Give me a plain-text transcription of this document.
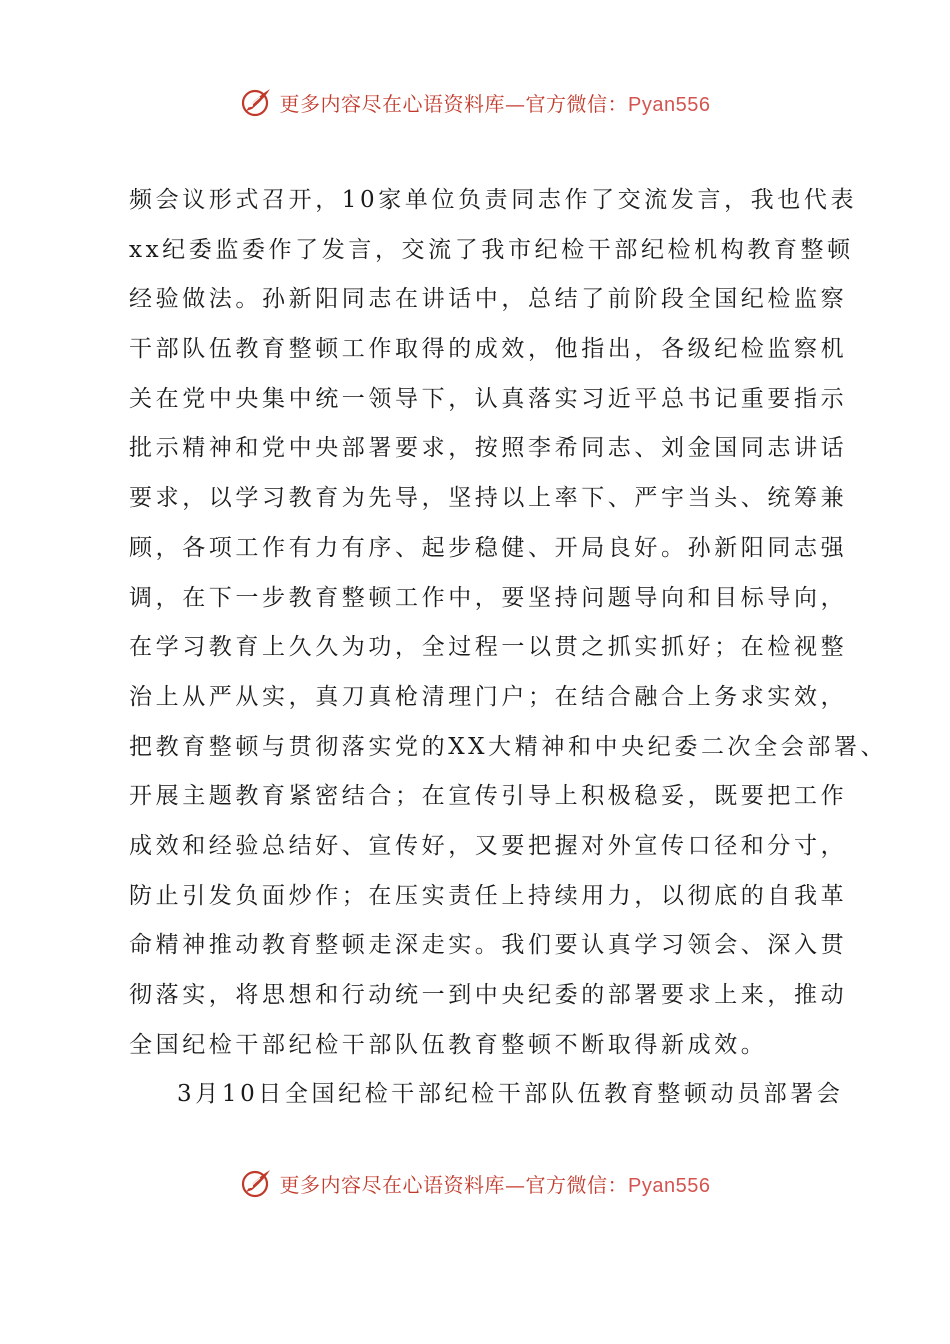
更多内容尽在心语资料库—官方微信：Pyan556
频会议形式召开，10家单位负责同志作了交流发言，我也代表
xx纪委监委作了发言，交流了我市纪检干部纪检机构教育整顿
经验做法。孙新阳同志在讲话中，总结了前阶段全国纪检监察
干部队伍教育整顿工作取得的成效，他指出，各级纪检监察机
关在党中央集中统一领导下，认真落实习近平总书记重要指示
批示精神和党中央部署要求，按照李希同志、刘金国同志讲话
要求，以学习教育为先导，坚持以上率下、严宇当头、统筹兼
顾，各项工作有力有序、起步稳健、开局良好。孙新阳同志强
调，在下一步教育整顿工作中，要坚持问题导向和目标导向，
在学习教育上久久为功，全过程一以贯之抓实抓好；在检视整
治上从严从实，真刀真枪清理门户；在结合融合上务求实效，
把教育整顿与贯彻落实党的XX大精神和中央纪委二次全会部署、
开展主题教育紧密结合；在宣传引导上积极稳妥，既要把工作
成效和经验总结好、宣传好，又要把握对外宣传口径和分寸，
防止引发负面炒作；在压实责任上持续用力，以彻底的自我革
命精神推动教育整顿走深走实。我们要认真学习领会、深入贯
彻落实，将思想和行动统一到中央纪委的部署要求上来，推动
全国纪检干部纪检干部队伍教育整顿不断取得新成效。
3月10日全国纪检干部纪检干部队伍教育整顿动员部署会
更多内容尽在心语资料库—官方微信：Pyan556
